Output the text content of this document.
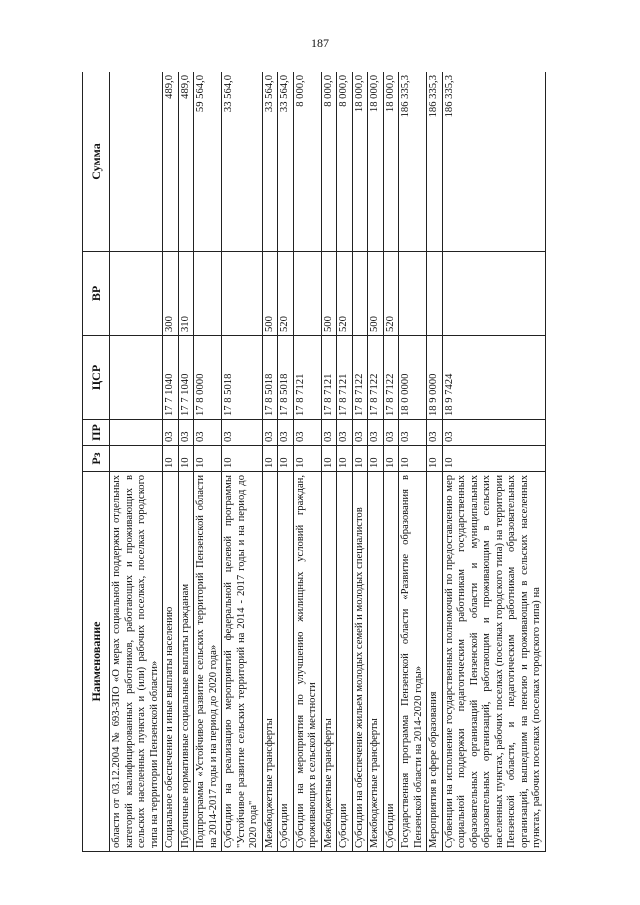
187
Наименование	Рз	ПР	ЦСР	ВР	Сумма
области от 03.12.2004 № 693-ЗПО «О мерах социальной поддержки отдельных категорий квалифицированных работников, работающих и проживающих в сельских населенных пунктах и (или) рабочих поселках, поселках городского типа на территории Пензенской области»					
Социальное обеспечение и иные выплаты населению	10	03	17 7 1040	300	489,0
Публичные нормативные социальные выплаты гражданам	10	03	17 7 1040	310	489,0
Подпрограмма «Устойчивое развитие сельских территорий Пензенской области на 2014-2017 годы и на период до 2020 года»	10	03	17 8 0000		59 564,0
Субсидии на реализацию мероприятий федеральной целевой программы "Устойчивое развитие сельских территорий на 2014 - 2017 годы и на период до 2020 года"	10	03	17 8 5018		33 564,0
Межбюджетные трансферты	10	03	17 8 5018	500	33 564,0
Субсидии	10	03	17 8 5018	520	33 564,0
Субсидии на мероприятия по улучшению жилищных условий граждан, проживающих в сельской местности	10	03	17 8 7121		8 000,0
Межбюджетные трансферты	10	03	17 8 7121	500	8 000,0
Субсидии	10	03	17 8 7121	520	8 000,0
Субсидии на обеспечение жильем молодых семей и молодых специалистов	10	03	17 8 7122		18 000,0
Межбюджетные трансферты	10	03	17 8 7122	500	18 000,0
Субсидии	10	03	17 8 7122	520	18 000,0
Государственная программа Пензенской области «Развитие образования в Пензенской области на 2014-2020 годы»	10	03	18 0 0000		186 335,3
Мероприятия в сфере образования	10	03	18 9 0000		186 335,3
Субвенции на исполнение государственных полномочий по предоставлению мер социальной поддержки педагогическим работникам государственных образовательных организаций Пензенской области и муниципальных образовательных организаций, работающим и проживающим в сельских населенных пунктах, рабочих поселках (поселках городского типа) на территории Пензенской области, и педагогическим работникам образовательных организаций, вышедшим на пенсию и проживающим в сельских населенных пунктах, рабочих поселках (поселках городского типа) на	10	03	18 9 7424		186 335,3
